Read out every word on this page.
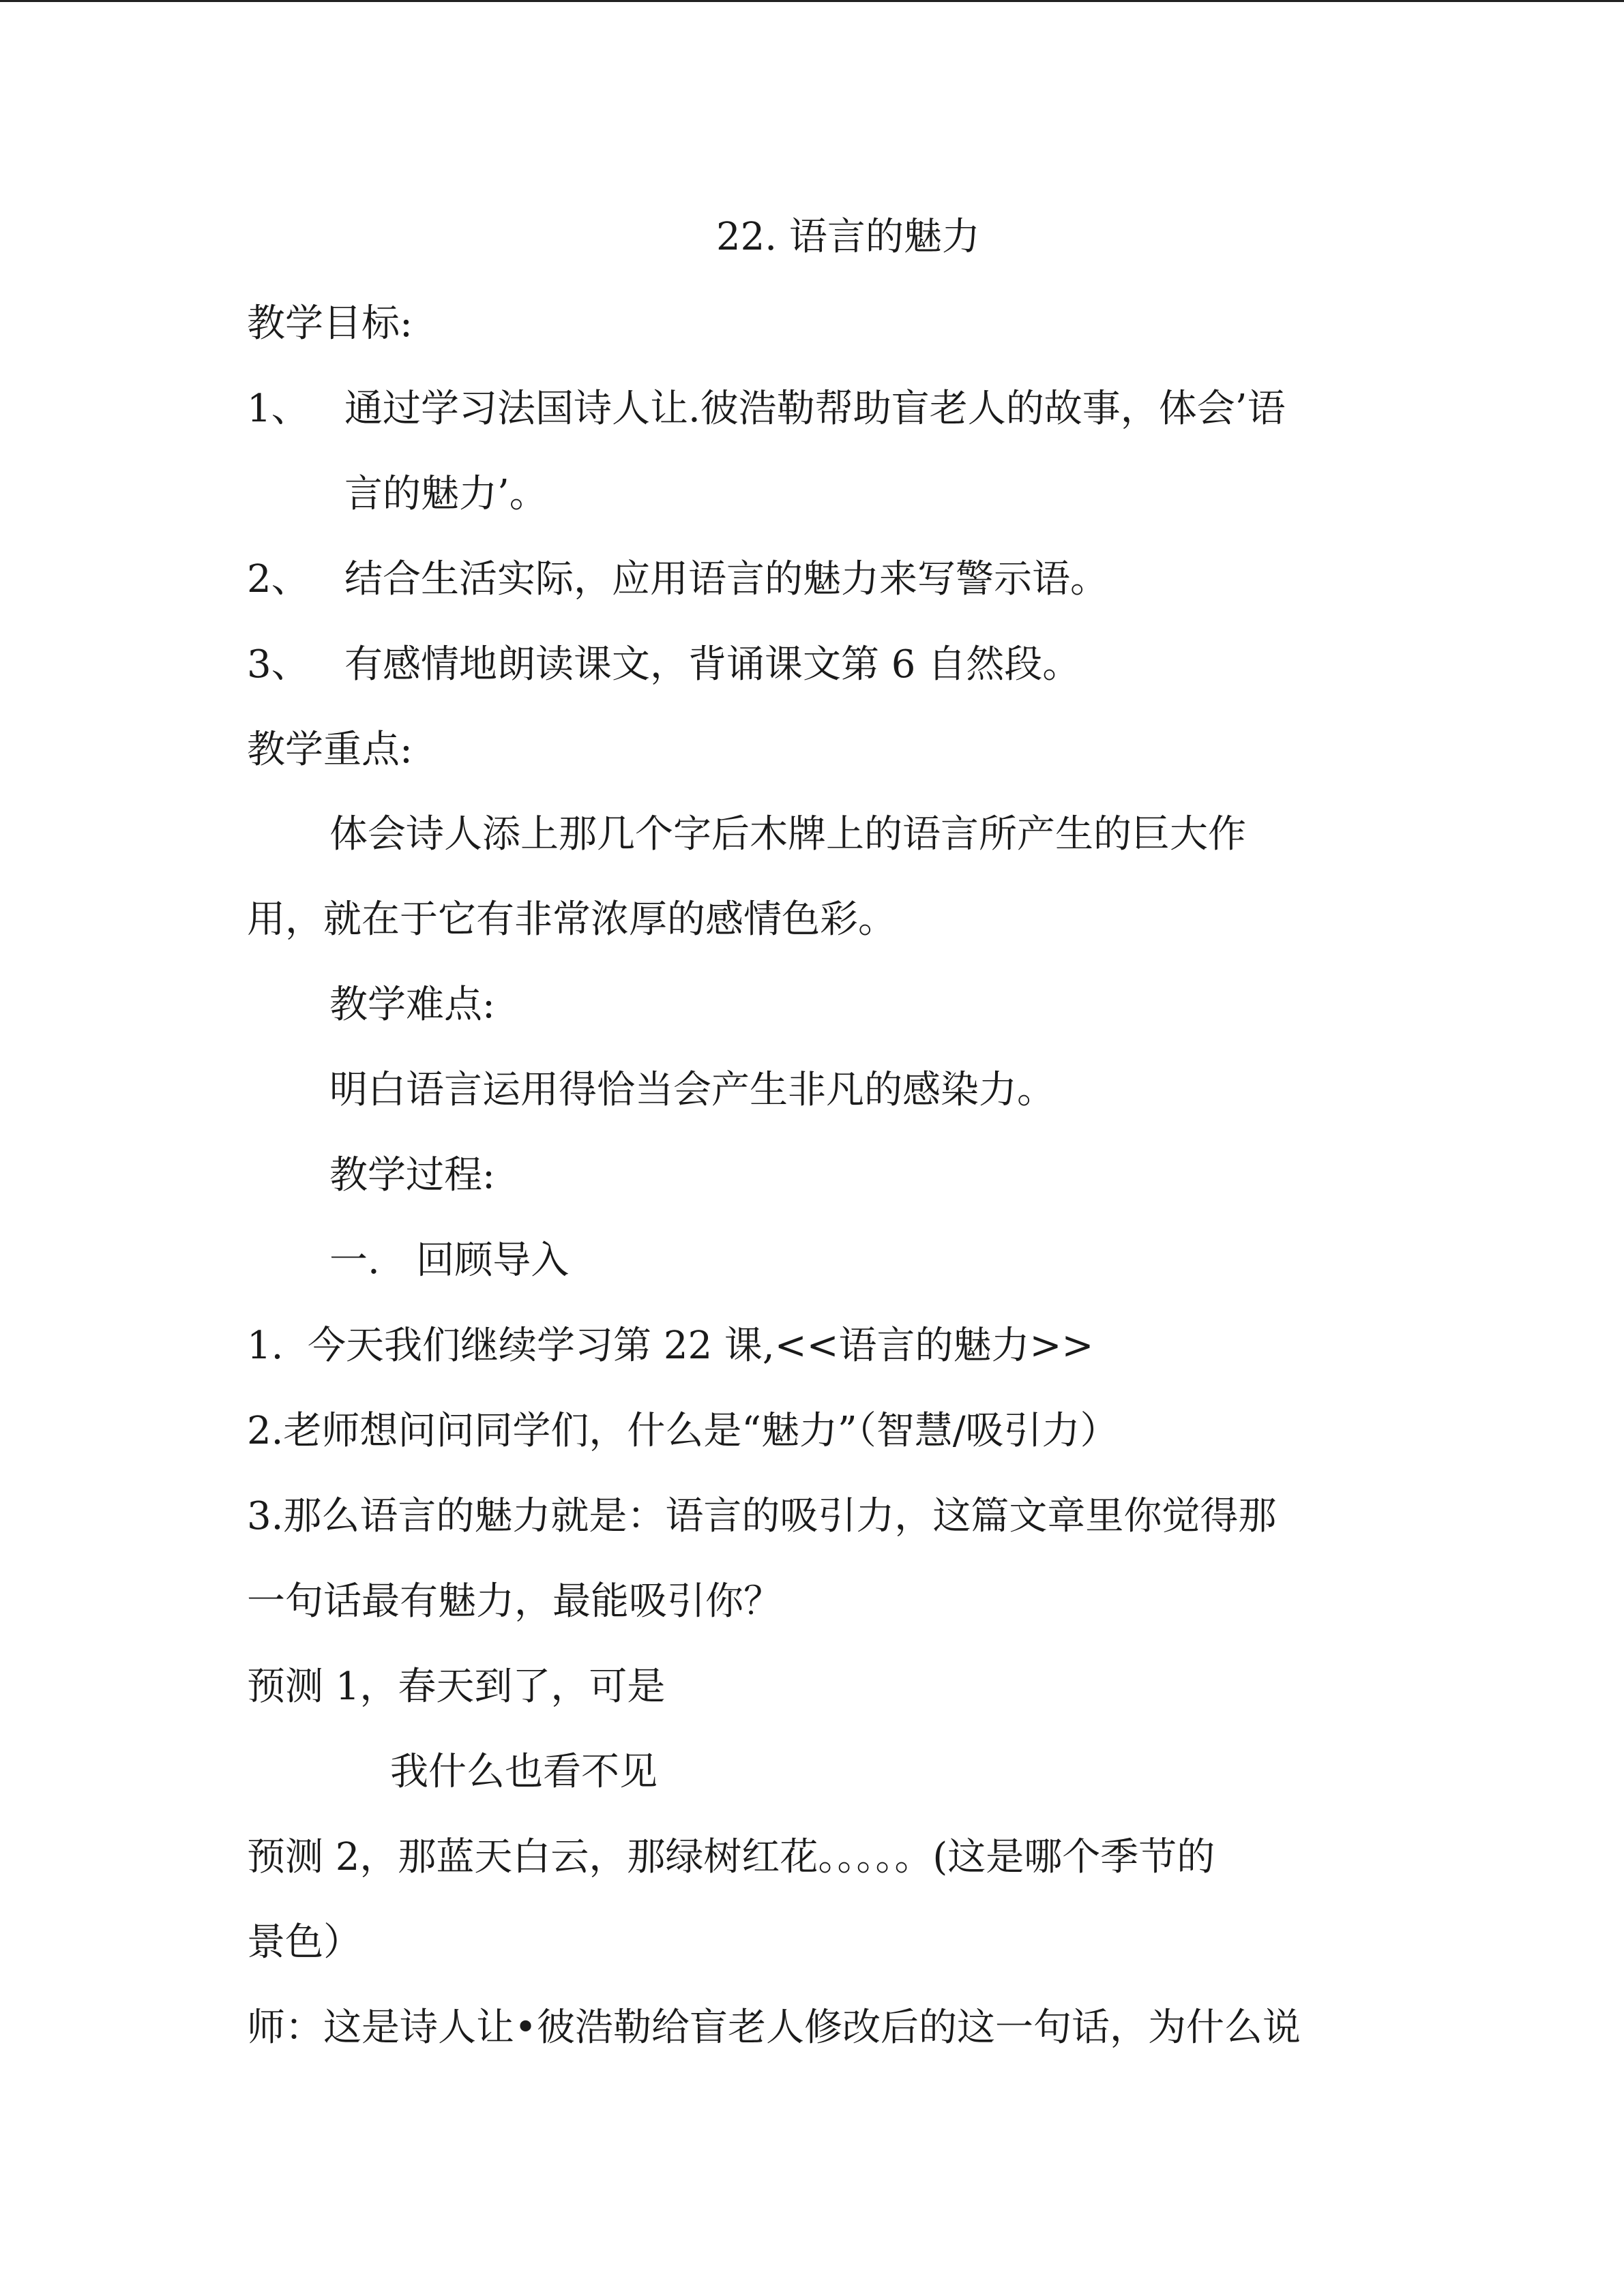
22. 语言的魅力
教学目标:
1、 通过学习法国诗人让.彼浩勒帮助盲老人的故事，体会’语
言的魅力’。
2、 结合生活实际，应用语言的魅力来写警示语。
3、 有感情地朗读课文，背诵课文第 6 自然段。
教学重点:
体会诗人添上那几个字后木牌上的语言所产生的巨大作
用，就在于它有非常浓厚的感情色彩。
教学难点:
明白语言运用得恰当会产生非凡的感染力。
教学过程:
一.   回顾导入
1.  今天我们继续学习第 22 课,<<语言的魅力>>
2.老师想问问同学们，什么是“魅力”（智慧/吸引力）
3.那么语言的魅力就是：语言的吸引力，这篇文章里你觉得那
一句话最有魅力，最能吸引你？
预测 1，春天到了，可是
我什么也看不见
预测 2，那蓝天白云，那绿树红花。。。。。(这是哪个季节的
景色）
师：这是诗人让•彼浩勒给盲老人修改后的这一句话，为什么说
